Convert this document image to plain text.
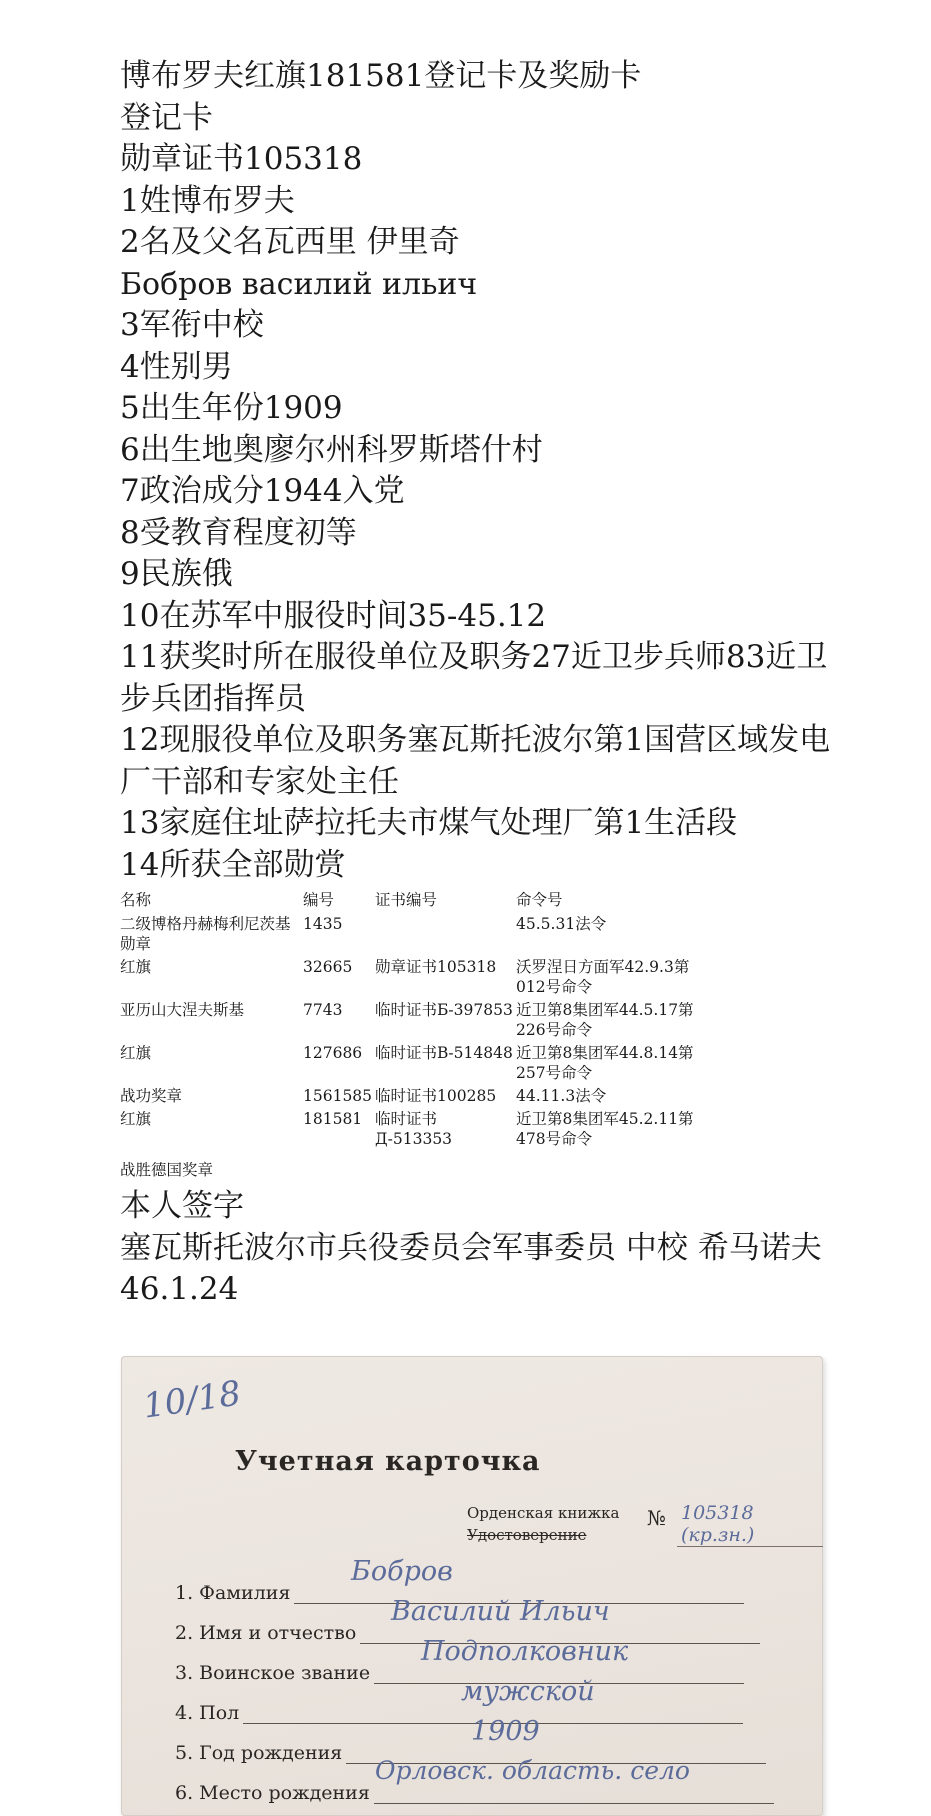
博布罗夫红旗181581登记卡及奖励卡

登记卡

勋章证书105318

1姓博布罗夫

2名及父名瓦西里 伊里奇

Бобров василий ильич

3军衔中校

4性别男

5出生年份1909

6出生地奥廖尔州科罗斯塔什村

7政治成分1944入党

8受教育程度初等

9民族俄

10在苏军中服役时间35-45.12

11获奖时所在服役单位及职务27近卫步兵师83近卫步兵团指挥员

12现服役单位及职务塞瓦斯托波尔第1国营区域发电厂干部和专家处主任

13家庭住址萨拉托夫市煤气处理厂第1生活段

14所获全部勋赏

名称	编号	证书编号	命令号
二级博格丹赫梅利尼茨基勋章	1435		45.5.31法令
红旗	32665	勋章证书105318	沃罗涅日方面军42.9.3第012号命令
亚历山大涅夫斯基	7743	临时证书Б-397853	近卫第8集团军44.5.17第226号命令
红旗	127686	临时证书В-514848	近卫第8集团军44.8.14第257号命令
战功奖章	1561585	临时证书100285	44.11.3法令
红旗	181581	临时证书Д-513353	近卫第8集团军45.2.11第478号命令

战胜德国奖章

本人签字

塞瓦斯托波尔市兵役委员会军事委员 中校 希马诺夫

46.1.24

10/18
Учетная карточка
Орденская книжка
Удостоверение
№ 105318 (кр.зн.)
1. Фамилия
Бобров
2. Имя и отчество
Василий Ильич
3. Воинское звание
Подполковник
4. Пол
мужской
5. Год рождения
1909
6. Место рождения
Орловск. область. село
